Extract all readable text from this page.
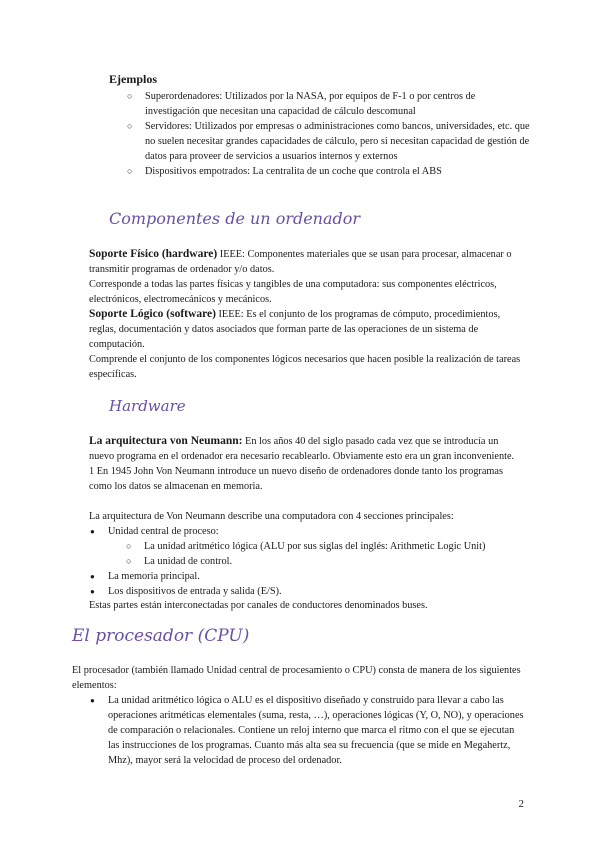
Ejemplos
○ Superordenadores: Utilizados por la NASA, por equipos de F-1 o por centros de investigación que necesitan una capacidad de cálculo descomunal
○ Servidores: Utilizados por empresas o administraciones como bancos, universidades, etc. que no suelen necesitar grandes capacidades de cálculo, pero si necesitan capacidad de gestión de datos para proveer de servicios a usuarios internos y externos
○ Dispositivos empotrados: La centralita de un coche que controla el ABS
Componentes de un ordenador
Soporte Físico (hardware) IEEE: Componentes materiales que se usan para procesar, almacenar o transmitir programas de ordenador y/o datos.
Corresponde a todas las partes físicas y tangibles de una computadora: sus componentes eléctricos, electrónicos, electromecánicos y mecánicos.
Soporte Lógico (software) IEEE: Es el conjunto de los programas de cómputo, procedimientos, reglas, documentación y datos asociados que forman parte de las operaciones de un sistema de computación.
Comprende el conjunto de los componentes lógicos necesarios que hacen posible la realización de tareas específicas.
Hardware
La arquitectura von Neumann: En los años 40 del siglo pasado cada vez que se introducía un nuevo programa en el ordenador era necesario recablearlo. Obviamente esto era un gran inconveniente. 1 En 1945 John Von Neumann introduce un nuevo diseño de ordenadores donde tanto los programas como los datos se almacenan en memoria.
La arquitectura de Von Neumann describe una computadora con 4 secciones principales:
● Unidad central de proceso:
○ La unidad aritmético lógica (ALU por sus siglas del inglés: Arithmetic Logic Unit)
○ La unidad de control.
● La memoria principal.
● Los dispositivos de entrada y salida (E/S).
Estas partes están interconectadas por canales de conductores denominados buses.
El procesador (CPU)
El procesador (también llamado Unidad central de procesamiento o CPU) consta de manera de los siguientes elementos:
● La unidad aritmético lógica o ALU es el dispositivo diseñado y construido para llevar a cabo las operaciones aritméticas elementales (suma, resta, …), operaciones lógicas (Y, O, NO), y operaciones de comparación o relacionales. Contiene un reloj interno que marca el ritmo con el que se ejecutan las instrucciones de los programas. Cuanto más alta sea su frecuencia (que se mide en Megahertz, Mhz), mayor será la velocidad de proceso del ordenador.
2
